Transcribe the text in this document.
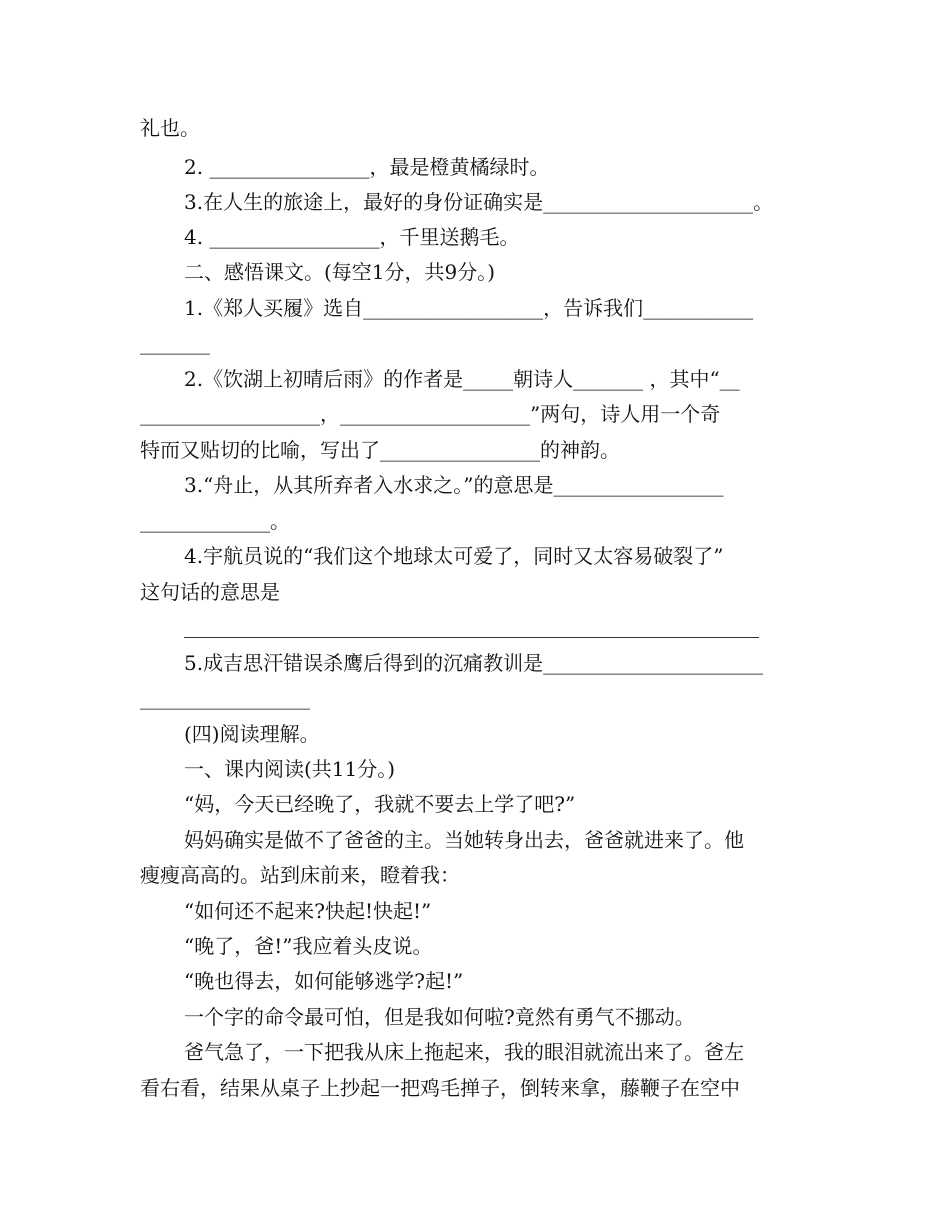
礼也。
2. ________________，最是橙黄橘绿时。
3.在人生的旅途上，最好的身份证确实是_____________________。
4. _________________，千里送鹅毛。
二、感悟课文。(每空1分，共9分。)
1.《郑人买履》选自__________________，告诉我们___________
_______
2.《饮湖上初晴后雨》的作者是_____朝诗人_______ ，其中“__
__________________，___________________”两句，诗人用一个奇
特而又贴切的比喻，写出了________________的神韵。
3.“舟止，从其所弃者入水求之。”的意思是_________________
_____________。
4.宇航员说的“我们这个地球太可爱了，同时又太容易破裂了”
这句话的意思是
5.成吉思汗错误杀鹰后得到的沉痛教训是______________________
_________________
(四)阅读理解。
一、课内阅读(共11分。)
“妈，今天已经晚了，我就不要去上学了吧?”
妈妈确实是做不了爸爸的主。当她转身出去，爸爸就进来了。他
瘦瘦高高的。站到床前来，瞪着我：
“如何还不起来?快起!快起!”
“晚了，爸!”我应着头皮说。
“晚也得去，如何能够逃学?起!”
一个字的命令最可怕，但是我如何啦?竟然有勇气不挪动。
爸气急了，一下把我从床上拖起来，我的眼泪就流出来了。爸左
看右看，结果从桌子上抄起一把鸡毛掸子，倒转来拿，藤鞭子在空中
